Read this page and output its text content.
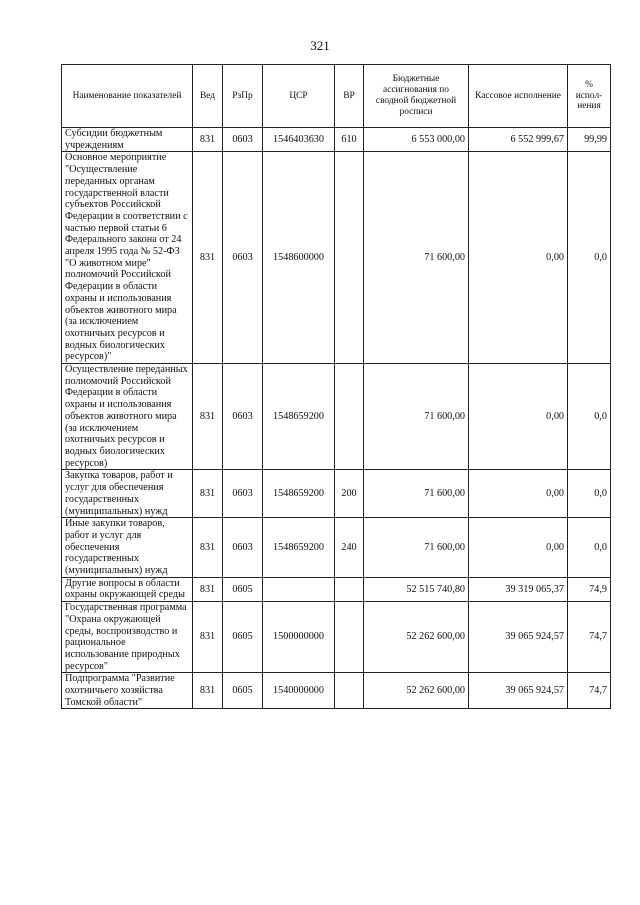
321
Наименование показателей	Вед	РзПр	ЦСР	ВР	Бюджетные ассигнования по сводной бюджетной росписи	Кассовое исполнение	% испол-нения
Субсидии бюджетным учреждениям	831	0603	1546403630	610	6 553 000,00	6 552 999,67	99,99
Основное мероприятие "Осуществление переданных органам государственной власти субъектов Российской Федерации в соответствии с частью первой статьи 6 Федерального закона от 24 апреля 1995 года № 52-ФЗ "О животном мире" полномочий Российской Федерации в области охраны и использования объектов животного мира (за исключением охотничьих ресурсов и водных биологических ресурсов)"	831	0603	1548600000		71 600,00	0,00	0,0
Осуществление переданных полномочий Российской Федерации в области охраны и использования объектов животного мира (за исключением охотничьих ресурсов и водных биологических ресурсов)	831	0603	1548659200		71 600,00	0,00	0,0
Закупка товаров, работ и услуг для обеспечения государственных (муниципальных) нужд	831	0603	1548659200	200	71 600,00	0,00	0,0
Иные закупки товаров, работ и услуг для обеспечения государственных (муниципальных) нужд	831	0603	1548659200	240	71 600,00	0,00	0,0
Другие вопросы в области охраны окружающей среды	831	0605			52 515 740,80	39 319 065,37	74,9
Государственная программа "Охрана окружающей среды, воспроизводство и рациональное использование природных ресурсов"	831	0605	1500000000		52 262 600,00	39 065 924,57	74,7
Подпрограмма "Развитие охотничьего хозяйства Томской области"	831	0605	1540000000		52 262 600,00	39 065 924,57	74,7
